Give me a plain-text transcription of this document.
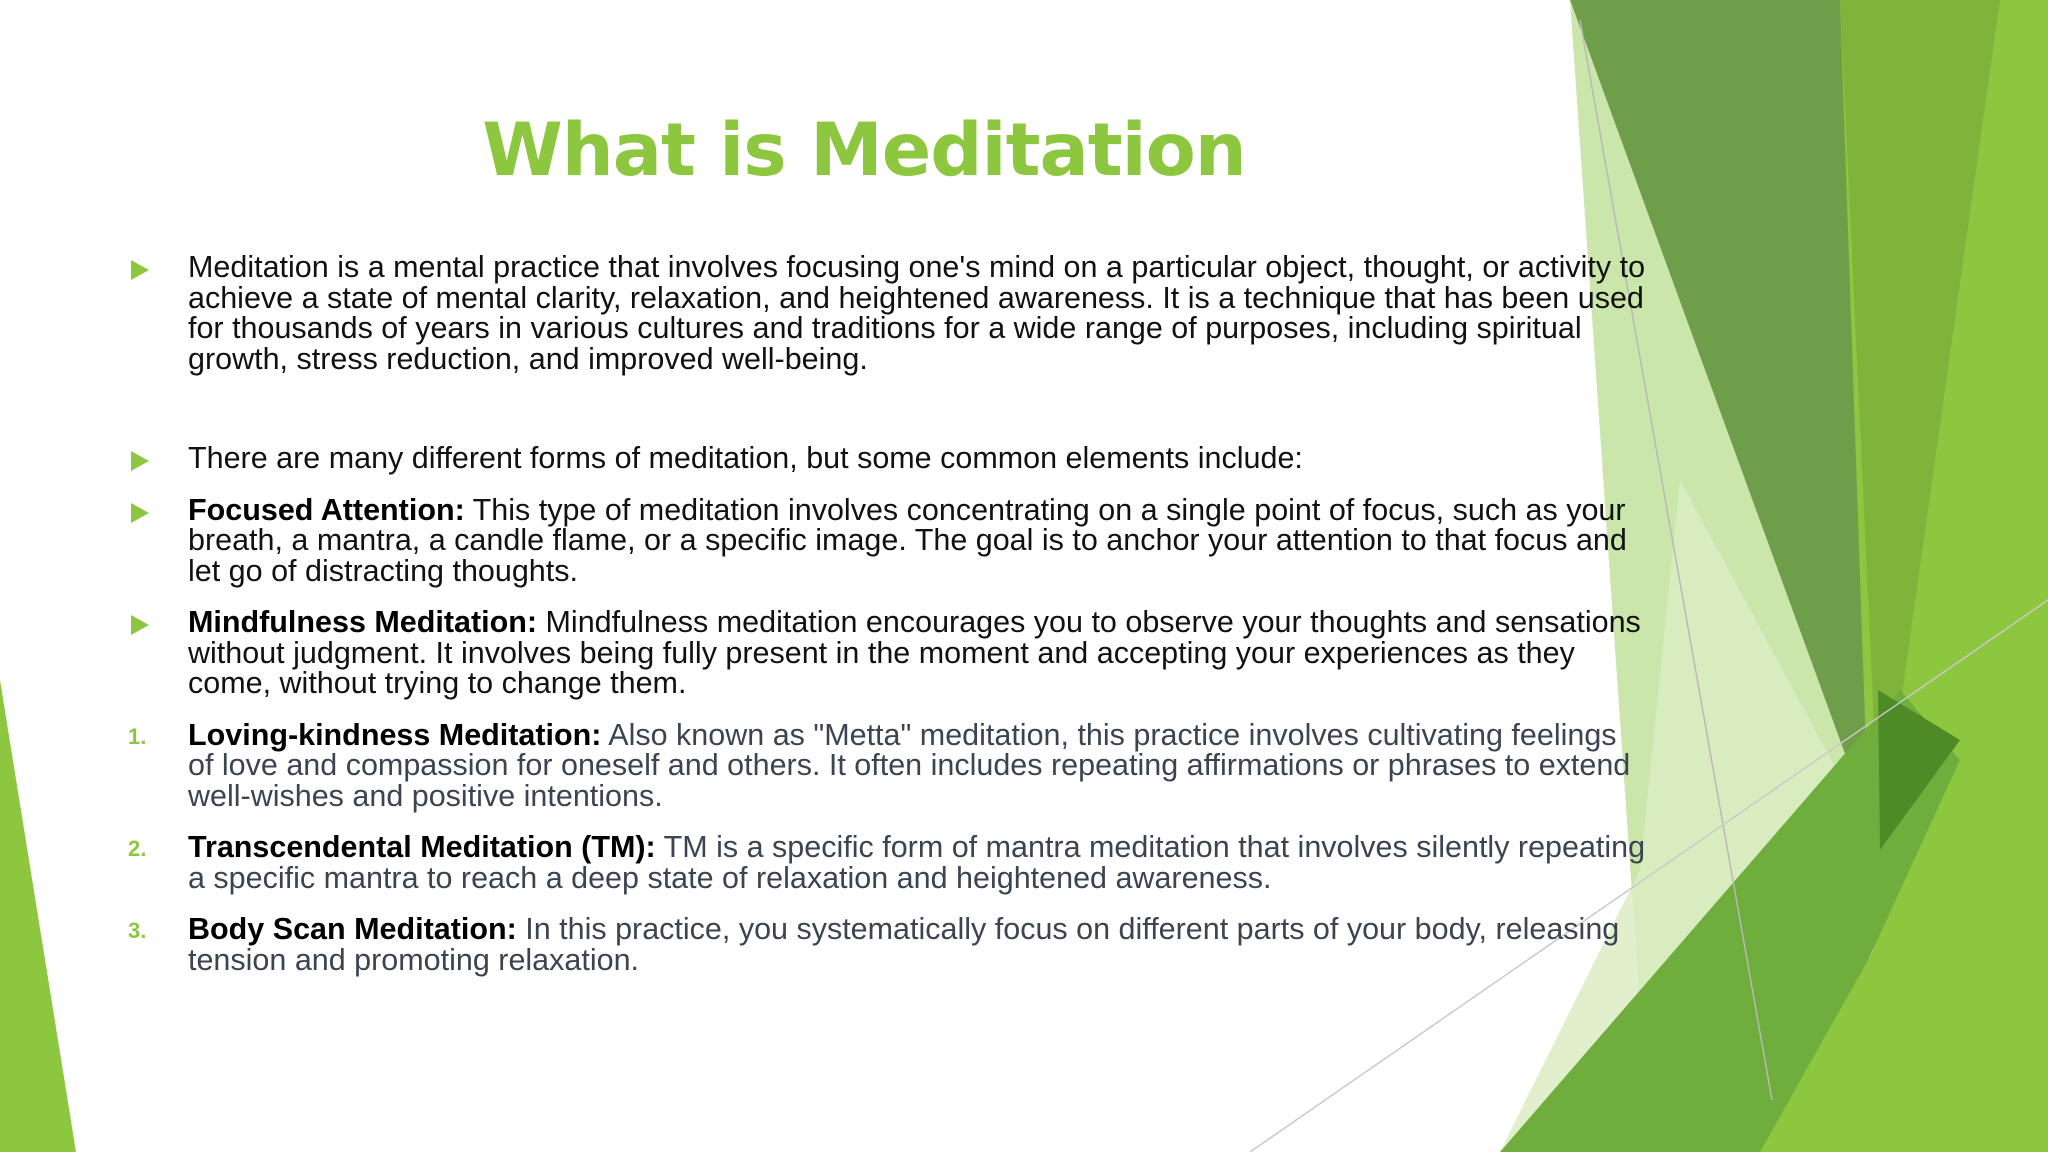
What is Meditation
Meditation is a mental practice that involves focusing one's mind on a particular object, thought, or activity to achieve a state of mental clarity, relaxation, and heightened awareness. It is a technique that has been used for thousands of years in various cultures and traditions for a wide range of purposes, including spiritual growth, stress reduction, and improved well-being.
There are many different forms of meditation, but some common elements include:
Focused Attention: This type of meditation involves concentrating on a single point of focus, such as your breath, a mantra, a candle flame, or a specific image. The goal is to anchor your attention to that focus and let go of distracting thoughts.
Mindfulness Meditation: Mindfulness meditation encourages you to observe your thoughts and sensations without judgment. It involves being fully present in the moment and accepting your experiences as they come, without trying to change them.
1. Loving-kindness Meditation: Also known as "Metta" meditation, this practice involves cultivating feelings of love and compassion for oneself and others. It often includes repeating affirmations or phrases to extend well-wishes and positive intentions.
2. Transcendental Meditation (TM): TM is a specific form of mantra meditation that involves silently repeating a specific mantra to reach a deep state of relaxation and heightened awareness.
3. Body Scan Meditation: In this practice, you systematically focus on different parts of your body, releasing tension and promoting relaxation.
